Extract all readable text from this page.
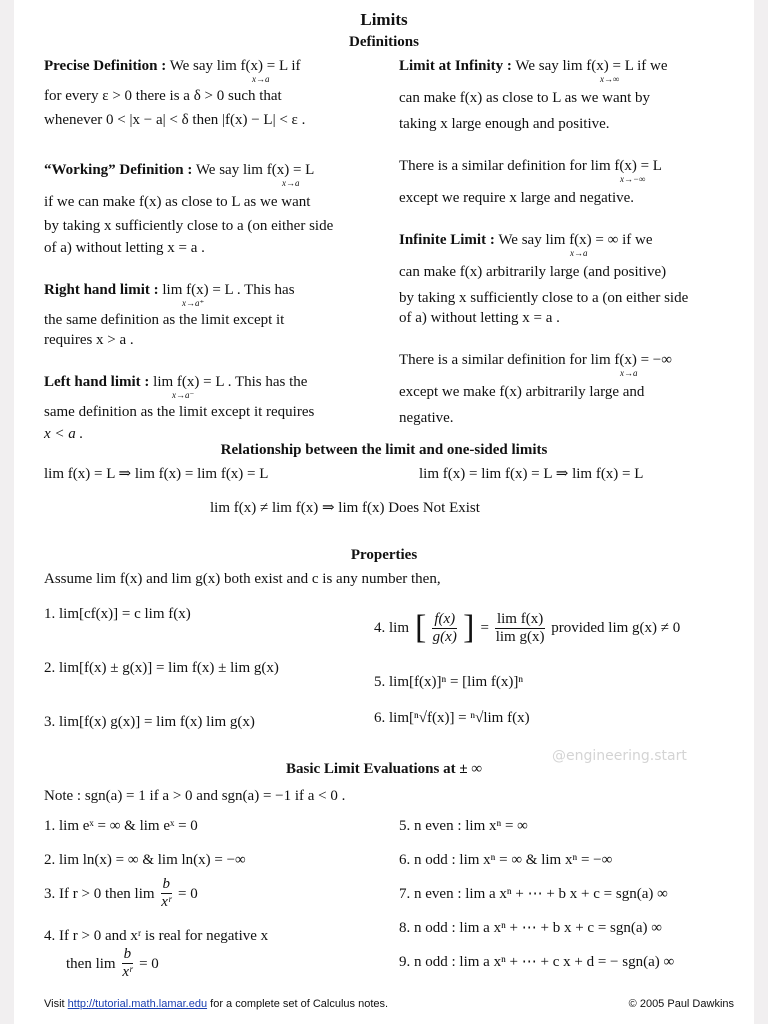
Limits
Definitions
Precise Definition : We say lim f(x) = L if
x→a
for every ε > 0 there is a δ > 0 such that
whenever 0 < |x − a| < δ then |f(x) − L| < ε .
“Working” Definition : We say lim f(x) = L
x→a
if we can make f(x) as close to L as we want
by taking x sufficiently close to a (on either side
of a) without letting x = a .
Right hand limit : lim f(x) = L . This has
x→a⁺
the same definition as the limit except it
requires x > a .
Left hand limit : lim f(x) = L . This has the
x→a⁻
same definition as the limit except it requires
x < a .
Limit at Infinity : We say lim f(x) = L if we
x→∞
can make f(x) as close to L as we want by
taking x large enough and positive.
There is a similar definition for lim f(x) = L
x→−∞
except we require x large and negative.
Infinite Limit : We say lim f(x) = ∞ if we
x→a
can make f(x) arbitrarily large (and positive)
by taking x sufficiently close to a (on either side
of a) without letting x = a .
There is a similar definition for lim f(x) = −∞
x→a
except we make f(x) arbitrarily large and
negative.
Relationship between the limit and one-sided limits
lim f(x) = L ⇒ lim f(x) = lim f(x) = L	lim f(x) = lim f(x) = L ⇒ lim f(x) = L
lim f(x) ≠ lim f(x) ⇒ lim f(x) Does Not Exist
Properties
Assume lim f(x) and lim g(x) both exist and c is any number then,
1. lim[cf(x)] = c lim f(x)
2. lim[f(x) ± g(x)] = lim f(x) ± lim g(x)
3. lim[f(x) g(x)] = lim f(x) lim g(x)
4. lim [ $\frac{f(x)}{g(x)}$ ] = $\frac{\text{lim f(x)}}{\text{lim g(x)}}$ provided lim g(x) ≠ 0
5. lim[f(x)]ⁿ = [lim f(x)]ⁿ
6. lim[ⁿ√f(x)] = ⁿ√lim f(x)
@engineering.start
Basic Limit Evaluations at ± ∞
Note : sgn(a) = 1 if a > 0 and sgn(a) = −1 if a < 0 .
1. lim eˣ = ∞ & lim eˣ = 0
2. lim ln(x) = ∞ & lim ln(x) = −∞
3. If r > 0 then $\lim \frac{b}{\text{xʳ}} = 0$
4. If r > 0 and xʳ is real for negative x
then $\lim \frac{b}{\text{xʳ}} = 0$
5. n even : lim xⁿ = ∞
6. n odd : lim xⁿ = ∞ & lim xⁿ = −∞
7. n even : lim a xⁿ + ⋯ + b x + c = sgn(a) ∞
8. n odd : lim a xⁿ + ⋯ + b x + c = sgn(a) ∞
9. n odd : lim a xⁿ + ⋯ + c x + d = − sgn(a) ∞
Visit http://tutorial.math.lamar.edu for a complete set of Calculus notes.	© 2005 Paul Dawkins
